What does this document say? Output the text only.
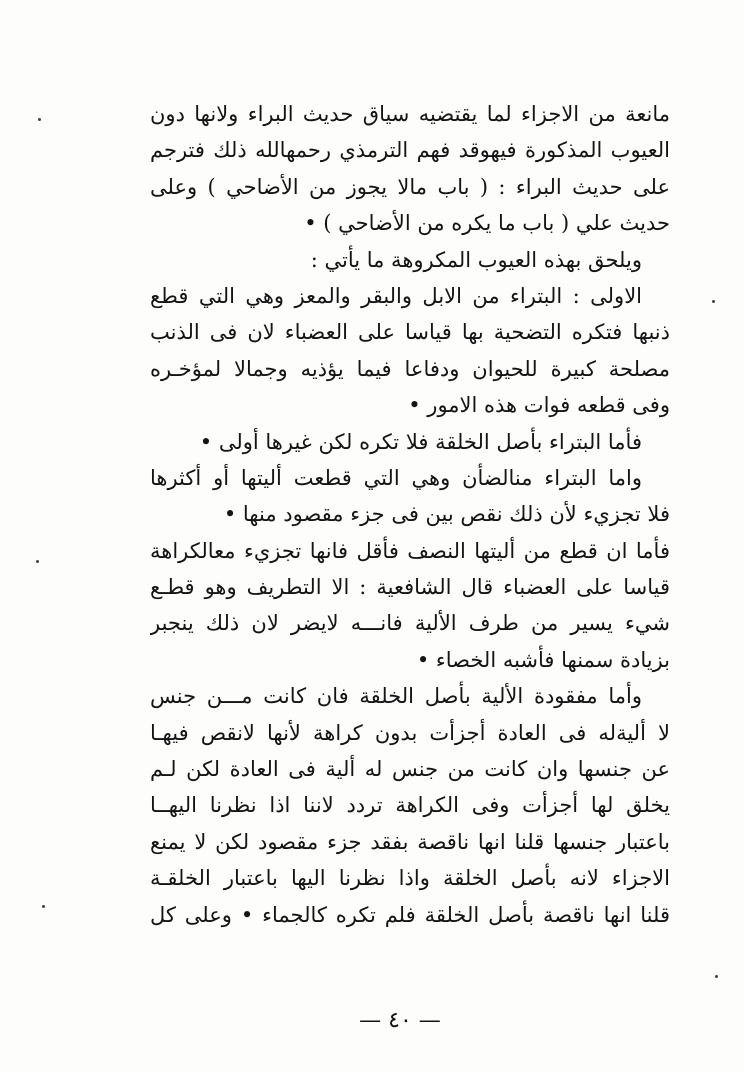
مانعة من الاجزاء لما يقتضيه سياق حديث البراء ولانها دون
العيوب المذكورة فيهوقد فهم الترمذي رحمهالله ذلك فترجم
على حديث البراء : ( باب مالا يجوز من الأضاحي ) وعلى
حديث علي ( باب ما يكره من الأضاحي ) •
ويلحق بهذه العيوب المكروهة ما يأتي :
الاولى : البتراء من الابل والبقر والمعز وهي التي قطع
ذنبها فتكره التضحية بها قياسا على العضباء لان فى الذنب
مصلحة كبيرة للحيوان ودفاعا فيما يؤذيه وجمالا لمؤخـره
وفى قطعه فوات هذه الامور •
فأما البتراء بأصل الخلقة فلا تكره لكن غيرها أولى •
واما البتراء منالضأن وهي التي قطعت أليتها أو أكثرها
فلا تجزيء لأن ذلك نقص بين فى جزء مقصود منها •
فأما ان قطع من أليتها النصف فأقل فانها تجزيء معالكراهة
قياسا على العضباء قال الشافعية : الا التطريف وهو قطـع
شيء يسير من طرف الألية فانـــه لايضر لان ذلك ينجبر
بزيادة سمنها فأشبه الخصاء •
وأما مفقودة الألية بأصل الخلقة فان كانت مـــن جنس
لا أليةله فى العادة أجزأت بدون كراهة لأنها لانقص فيهـا
عن جنسها وان كانت من جنس له ألية فى العادة لكن لـم
يخلق لها أجزأت وفى الكراهة تردد لاننا اذا نظرنا اليهــا
باعتبار جنسها قلنا انها ناقصة بفقد جزء مقصود لكن لا يمنع
الاجزاء لانه بأصل الخلقة واذا نظرنا اليها باعتبار الخلقـة
قلنا انها ناقصة بأصل الخلقة فلم تكره كالجماء • وعلى كل
— ٤٠ —
